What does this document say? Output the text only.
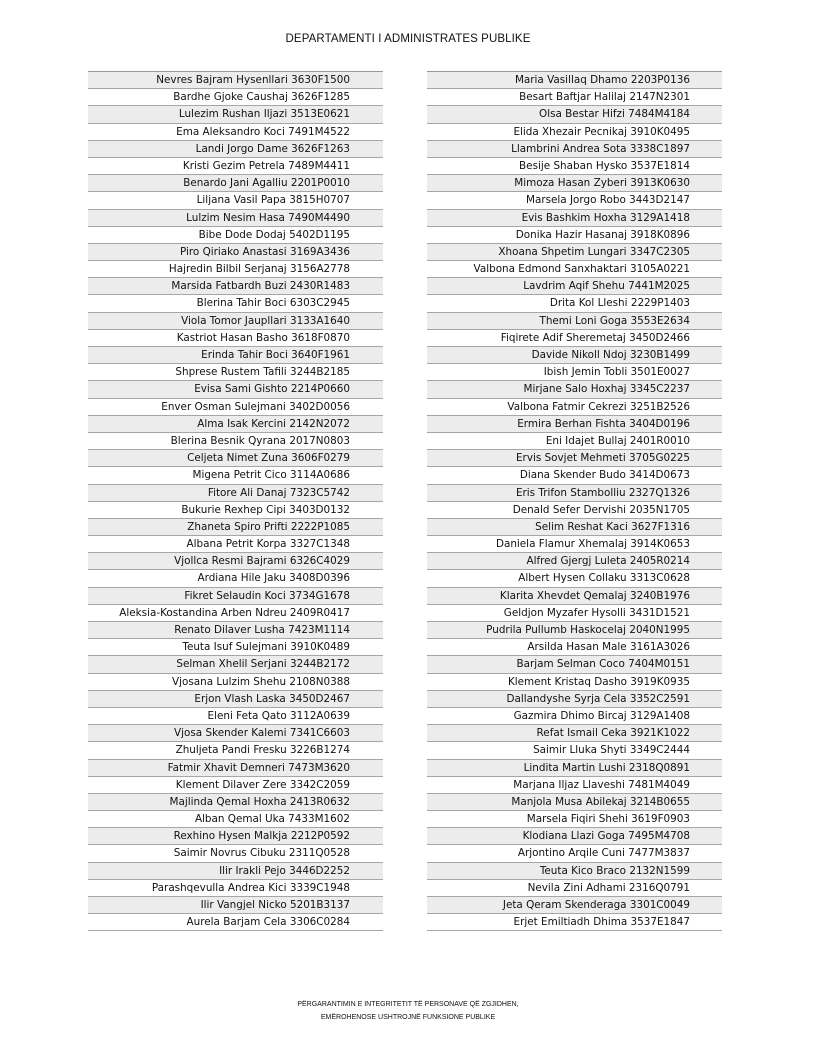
DEPARTAMENTI I ADMINISTRATES PUBLIKE
Nevres Bajram Hysenllari 3630F1500
Bardhe Gjoke Caushaj 3626F1285
Lulezim Rushan Iljazi 3513E0621
Ema Aleksandro Koci 7491M4522
Landi Jorgo Dame 3626F1263
Kristi Gezim Petrela 7489M4411
Benardo Jani Agalliu 2201P0010
Liljana Vasil Papa 3815H0707
Lulzim Nesim Hasa 7490M4490
Bibe Dode Dodaj 5402D1195
Piro Qiriako Anastasi 3169A3436
Hajredin Bilbil Serjanaj 3156A2778
Marsida Fatbardh Buzi 2430R1483
Blerina Tahir Boci 6303C2945
Viola Tomor Jaupllari 3133A1640
Kastriot Hasan Basho 3618F0870
Erinda Tahir Boci 3640F1961
Shprese Rustem Tafili 3244B2185
Evisa Sami Gishto 2214P0660
Enver Osman Sulejmani 3402D0056
Alma Isak Kercini 2142N2072
Blerina Besnik Qyrana 2017N0803
Celjeta Nimet Zuna 3606F0279
Migena Petrit Cico 3114A0686
Fitore Ali Danaj 7323C5742
Bukurie Rexhep Cipi 3403D0132
Zhaneta Spiro Prifti 2222P1085
Albana Petrit Korpa 3327C1348
Vjollca Resmi Bajrami 6326C4029
Ardiana Hile Jaku 3408D0396
Fikret Selaudin Koci 3734G1678
Aleksia-Kostandina Arben Ndreu 2409R0417
Renato Dilaver Lusha 7423M1114
Teuta Isuf Sulejmani 3910K0489
Selman Xhelil Serjani 3244B2172
Vjosana Lulzim Shehu 2108N0388
Erjon Vlash Laska 3450D2467
Eleni Feta Qato 3112A0639
Vjosa Skender Kalemi 7341C6603
Zhuljeta Pandi Fresku 3226B1274
Fatmir Xhavit Demneri 7473M3620
Klement Dilaver Zere 3342C2059
Majlinda Qemal Hoxha 2413R0632
Alban Qemal Uka 7433M1602
Rexhino Hysen Malkja 2212P0592
Saimir Novrus Cibuku 2311Q0528
Ilir Irakli Pejo 3446D2252
Parashqevulla Andrea Kici 3339C1948
Ilir Vangjel Nicko 5201B3137
Aurela Barjam Cela 3306C0284
Maria Vasillaq Dhamo 2203P0136
Besart Baftjar Halilaj 2147N2301
Olsa Bestar Hifzi 7484M4184
Elida Xhezair Pecnikaj 3910K0495
Llambrini Andrea Sota 3338C1897
Besije Shaban Hysko 3537E1814
Mimoza Hasan Zyberi 3913K0630
Marsela Jorgo Robo 3443D2147
Evis Bashkim Hoxha 3129A1418
Donika Hazir Hasanaj 3918K0896
Xhoana Shpetim Lungari 3347C2305
Valbona Edmond Sanxhaktari 3105A0221
Lavdrim Aqif Shehu 7441M2025
Drita Kol Lleshi 2229P1403
Themi Loni Goga 3553E2634
Fiqirete Adif Sheremetaj 3450D2466
Davide Nikoll Ndoj 3230B1499
Ibish Jemin Tobli 3501E0027
Mirjane Salo Hoxhaj 3345C2237
Valbona Fatmir Cekrezi 3251B2526
Ermira Berhan Fishta 3404D0196
Eni Idajet Bullaj 2401R0010
Ervis Sovjet Mehmeti 3705G0225
Diana Skender Budo 3414D0673
Eris Trifon Stambolliu 2327Q1326
Denald Sefer Dervishi 2035N1705
Selim Reshat Kaci 3627F1316
Daniela Flamur Xhemalaj 3914K0653
Alfred Gjergj Luleta 2405R0214
Albert Hysen Collaku 3313C0628
Klarita Xhevdet Qemalaj 3240B1976
Geldjon Myzafer Hysolli 3431D1521
Pudrila Pullumb Haskocelaj 2040N1995
Arsilda Hasan Male 3161A3026
Barjam Selman Coco 7404M0151
Klement Kristaq Dasho 3919K0935
Dallandyshe Syrja Cela 3352C2591
Gazmira Dhimo Bircaj 3129A1408
Refat Ismail Ceka 3921K1022
Saimir Lluka Shyti 3349C2444
Lindita Martin Lushi 2318Q0891
Marjana Iljaz Llaveshi 7481M4049
Manjola Musa Abilekaj 3214B0655
Marsela Fiqiri Shehi 3619F0903
Klodiana Llazi Goga 7495M4708
Arjontino Arqile Cuni 7477M3837
Teuta Kico Braco 2132N1599
Nevila Zini Adhami 2316Q0791
Jeta Qeram Skenderaga 3301C0049
Erjet Emiltiadh Dhima 3537E1847
PËRGARANTIMIN E INTEGRITETIT TË PERSONAVE QË ZGJIDHEN,
EMËROHENOSE USHTROJNË FUNKSIONE PUBLIKE
